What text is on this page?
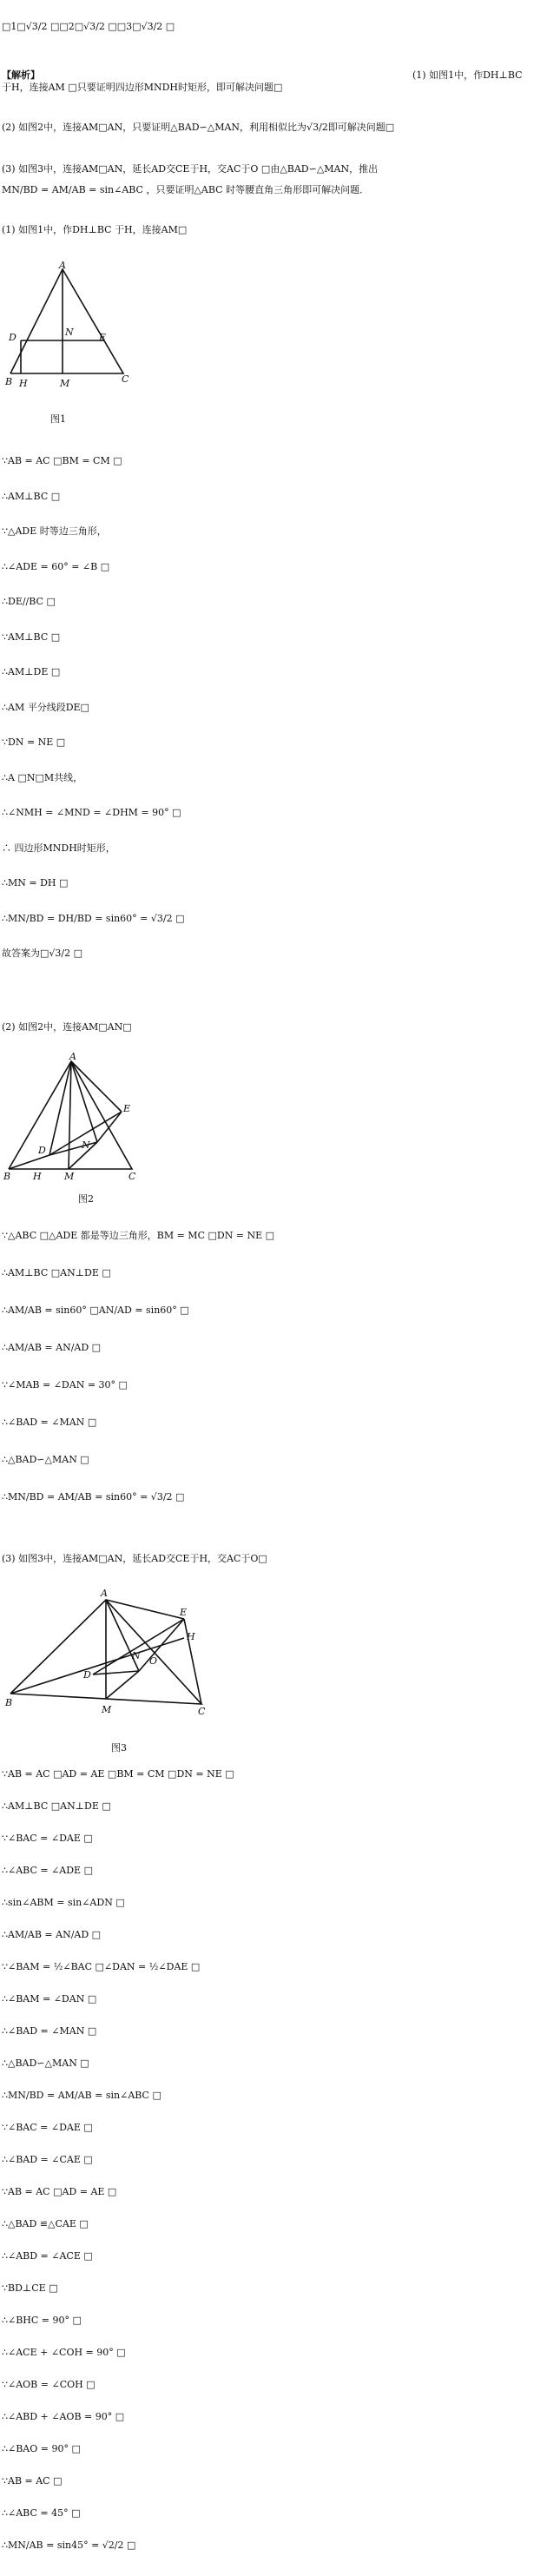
□1□√3/2 □□2□√3/2 □□3□√3/2 □
【解析】	(1) 如图1中，作DH⊥BC
于H，连接AM □只要证明四边形MNDH时矩形，即可解决问题□
(2) 如图2中，连接AM□AN，只要证明△BAD∽△MAN，利用相似比为√3/2即可解决问题□
(3) 如图3中，连接AM□AN，延长AD交CE于H，交AC于O □由△BAD∽△MAN，推出
MN/BD = AM/AB = sin∠ABC ，只要证明△ABC 时等腰直角三角形即可解决问题．
(1) 如图1中，作DH⊥BC 于H，连接AM□
A
D	E
N
B H	M	C
图1
∵AB = AC □BM = CM □
∴AM⊥BC □
∵△ADE 时等边三角形，
∴∠ADE = 60° = ∠B □
∴DE//BC □
∵AM⊥BC □
∴AM⊥DE □
∴AM 平分线段DE□
∵DN = NE □
∴A □N□M共线，
∴∠NMH = ∠MND = ∠DHM = 90° □
∴ 四边形MNDH时矩形，
∴MN = DH □
∴MN/BD = DH/BD = sin60° = √3/2 □
故答案为□√3/2 □
(2) 如图2中，连接AM□AN□
A
D
E
N
B H M	C
图2
∵△ABC □△ADE 都是等边三角形，BM = MC □DN = NE □
∴AM⊥BC □AN⊥DE □
∴AM/AB = sin60° □AN/AD = sin60° □
∴AM/AB = AN/AD □
∵∠MAB = ∠DAN = 30° □
∴∠BAD = ∠MAN □
∴△BAD∽△MAN □
∴MN/BD = AM/AB = sin60° = √3/2 □
(3) 如图3中，连接AM□AN，延长AD交CE于H，交AC于O□
A
E
H
N O
D
B
M	C
图3
∵AB = AC □AD = AE □BM = CM □DN = NE □
∴AM⊥BC □AN⊥DE □
∵∠BAC = ∠DAE □
∴∠ABC = ∠ADE □
∴sin∠ABM = sin∠ADN □
∴AM/AB = AN/AD □
∵∠BAM = ½∠BAC □∠DAN = ½∠DAE □
∴∠BAM = ∠DAN □
∴∠BAD = ∠MAN □
∴△BAD∽△MAN □
∴MN/BD = AM/AB = sin∠ABC □
∵∠BAC = ∠DAE □
∴∠BAD = ∠CAE □
∵AB = AC □AD = AE □
∴△BAD ≌△CAE □
∴∠ABD = ∠ACE □
∵BD⊥CE □
∴∠BHC = 90° □
∴∠ACE + ∠COH = 90° □
∵∠AOB = ∠COH □
∴∠ABD + ∠AOB = 90° □
∴∠BAO = 90° □
∵AB = AC □
∴∠ABC = 45° □
∴MN/AB = sin45° = √2/2 □
